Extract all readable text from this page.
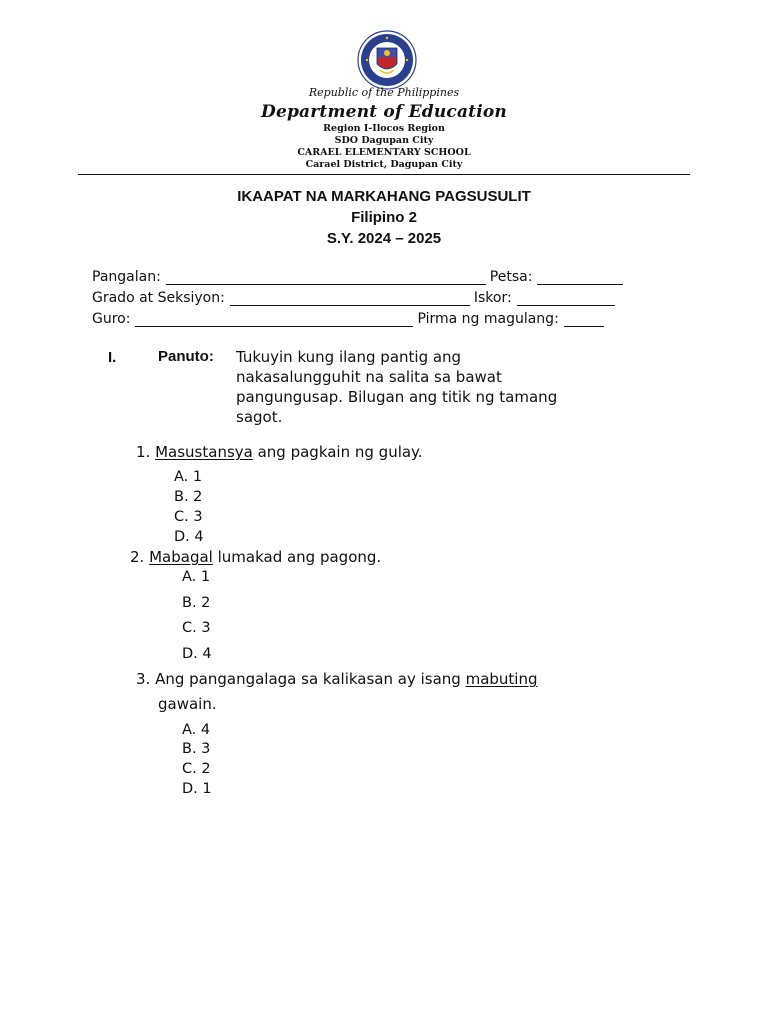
Republic of the Philippines
Department of Education
Region I-Ilocos Region
SDO Dagupan City
CARAEL ELEMENTARY SCHOOL
Carael District, Dagupan City
IKAAPAT NA MARKAHANG PAGSUSULIT
Filipino 2
S.Y. 2024 – 2025
Pangalan:	Petsa:
Grado at Seksiyon:	Iskor:
Guro:	Pirma ng magulang:
I.	Panuto: Tukuyin kung ilang pantig ang
nakasalungguhit na salita sa bawat
pangungusap. Bilugan ang titik ng tamang
sagot.
1. Masustansya ang pagkain ng gulay.
A. 1
B. 2
C. 3
D. 4
2. Mabagal lumakad ang pagong.
A. 1
B. 2
C. 3
D. 4
3. Ang pangangalaga sa kalikasan ay isang mabuting
gawain.
A. 4
B. 3
C. 2
D. 1
